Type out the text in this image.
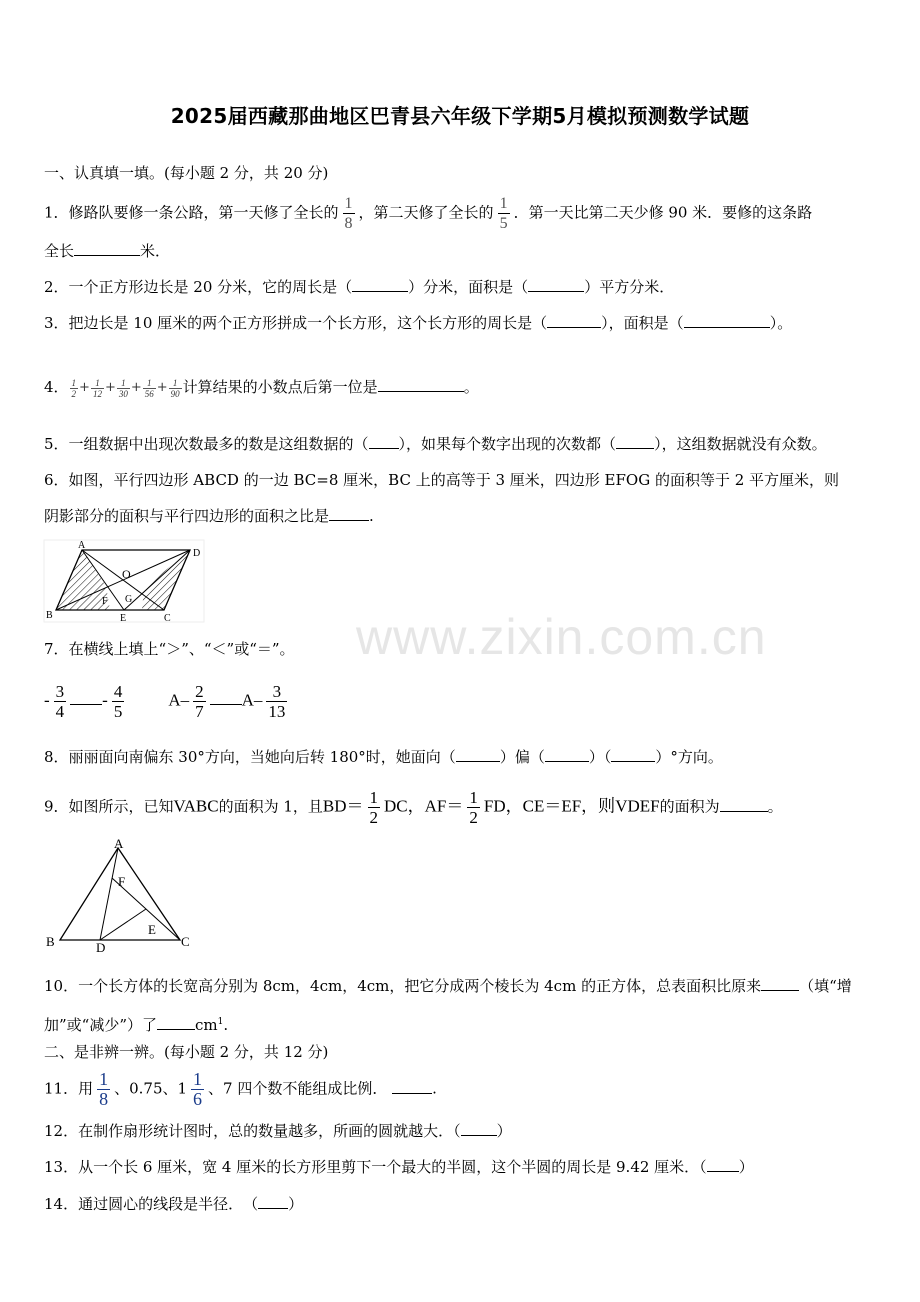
2025届西藏那曲地区巴青县六年级下学期5月模拟预测数学试题
www.zixin.com.cn
一、认真填一填。(每小题 2 分，共 20 分)
1．修路队要修一条公路，第一天修了全长的 $\frac{1}{8}$ ，第二天修了全长的 $\frac{1}{5}$ ．第一天比第二天少修 90 米．要修的这条路
全长	米．
2．一个正方形边长是 20 分米，它的周长是（	）分米，面积是（	）平方分米．
3．把边长是 10 厘米的两个正方形拼成一个长方形，这个长方形的周长是（	），面积是（	）。
4． $\frac{1}{2} + \frac{1}{12} + \frac{1}{30} + \frac{1}{56} + \frac{1}{90}$ 计算结果的小数点后第一位是	。
5．一组数据中出现次数最多的数是这组数据的（ ），如果每个数字出现的次数都（	），这组数据就没有众数。
6．如图，平行四边形 ABCD 的一边 BC=8 厘米，BC 上的高等于 3 厘米，四边形 EFOG 的面积等于 2 平方厘米，则
阴影部分的面积与平行四边形的面积之比是	.
A
D
B	C
O
F G
E
7．在横线上填上“＞”、“＜”或“＝”。
- $\frac{3}{4} - \frac{4}{5}$	$A- \frac{2}{7} A- \frac{3}{13}$
8．丽丽面向南偏东 30°方向，当她向后转 180°时，她面向（	）偏（	）（	）°方向。
9．如图所示，已知VABC的面积为 1，且$BD= \frac{1}{2}$ DC，$AF= \frac{1}{2}$ FD，CE＝EF，则VDEF的面积为	。
A
F
E
B	D	C
10．一个长方体的长宽高分别为 8cm，4cm，4cm，把它分成两个棱长为 4cm 的正方体，总表面积比原来	（填“增
加”或“减少”）了	$cm^1$.
二、是非辨一辨。(每小题 2 分，共 12 分)
11．用 $\frac{1}{8}$ 、0.75、$1 \frac{1}{6}$ 、7 四个数不能组成比例．	.
12．在制作扇形统计图时，总的数量越多，所画的圆就越大．（ ）
13．从一个长 6 厘米，宽 4 厘米的长方形里剪下一个最大的半圆，这个半圆的周长是 9.42 厘米．（ ）
14．通过圆心的线段是半径．　（ ）
